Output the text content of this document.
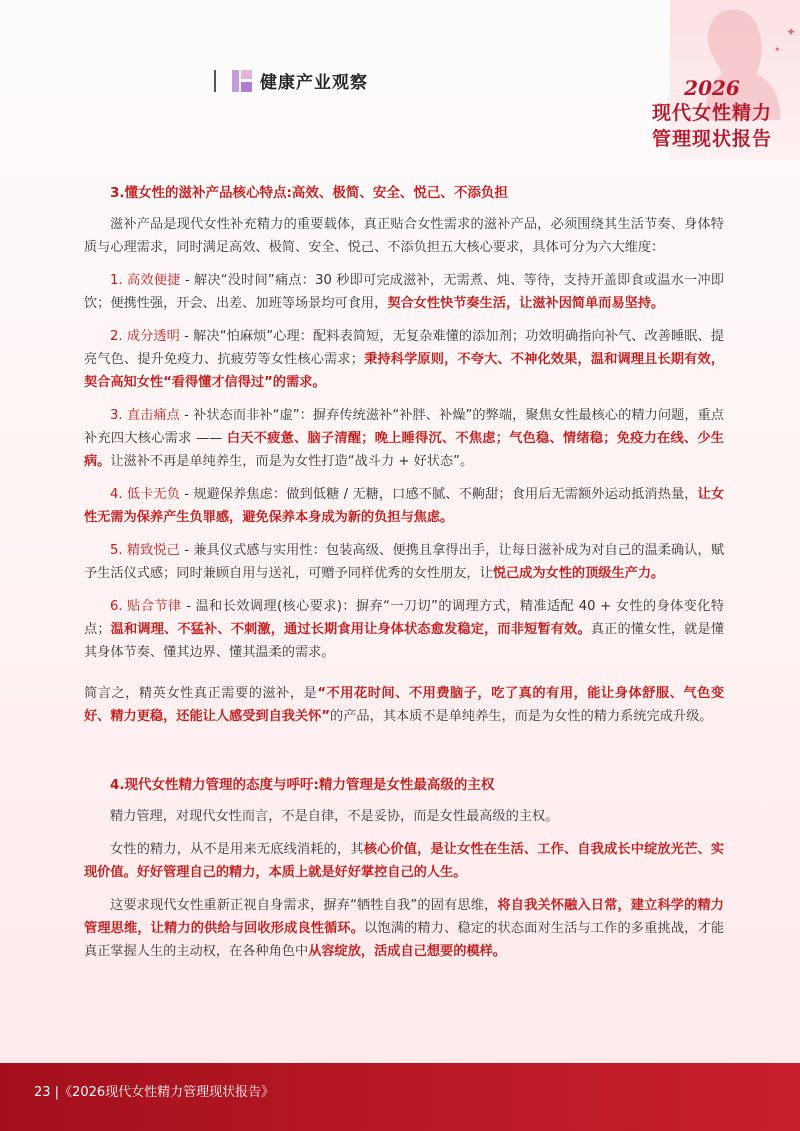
健康产业观察
✦
✦
2026
现代女性精力
管理现状报告
3.懂女性的滋补产品核心特点:高效、极简、安全、悦己、不添负担

滋补产品是现代女性补充精力的重要载体，真正贴合女性需求的滋补产品，必须围绕其生活节奏、身体特质与心理需求，同时满足高效、极简、安全、悦己、不添负担五大核心要求，具体可分为六大维度：

1. 高效便捷 - 解决“没时间”痛点：30 秒即可完成滋补，无需煮、炖、等待，支持开盖即食或温水一冲即饮；便携性强，开会、出差、加班等场景均可食用，契合女性快节奏生活，让滋补因简单而易坚持。

2. 成分透明 - 解决“怕麻烦”心理：配料表简短，无复杂难懂的添加剂；功效明确指向补气、改善睡眠、提亮气色、提升免疫力、抗疲劳等女性核心需求；秉持科学原则，不夸大、不神化效果，温和调理且长期有效，契合高知女性“看得懂才信得过”的需求。

3. 直击痛点 - 补状态而非补“虚”：摒弃传统滋补“补胖、补燥”的弊端，聚焦女性最核心的精力问题，重点补充四大核心需求 —— 白天不疲惫、脑子清醒；晚上睡得沉、不焦虑；气色稳、情绪稳；免疫力在线、少生病。让滋补不再是单纯养生，而是为女性打造“战斗力 + 好状态”。

4. 低卡无负 - 规避保养焦虑：做到低糖 / 无糖，口感不腻、不齁甜；食用后无需额外运动抵消热量，让女性无需为保养产生负罪感，避免保养本身成为新的负担与焦虑。

5. 精致悦己 - 兼具仪式感与实用性：包装高级、便携且拿得出手，让每日滋补成为对自己的温柔确认，赋予生活仪式感；同时兼顾自用与送礼，可赠予同样优秀的女性朋友，让悦己成为女性的顶级生产力。

6. 贴合节律 - 温和长效调理(核心要求)：摒弃“一刀切”的调理方式，精准适配 40 + 女性的身体变化特点；温和调理、不猛补、不刺激，通过长期食用让身体状态愈发稳定，而非短暂有效。真正的懂女性，就是懂其身体节奏、懂其边界、懂其温柔的需求。

简言之，精英女性真正需要的滋补，是“不用花时间、不用费脑子，吃了真的有用，能让身体舒服、气色变好、精力更稳，还能让人感受到自我关怀”的产品，其本质不是单纯养生，而是为女性的精力系统完成升级。

4.现代女性精力管理的态度与呼吁:精力管理是女性最高级的主权

精力管理，对现代女性而言，不是自律，不是妥协，而是女性最高级的主权。

女性的精力，从不是用来无底线消耗的，其核心价值，是让女性在生活、工作、自我成长中绽放光芒、实现价值。好好管理自己的精力，本质上就是好好掌控自己的人生。

这要求现代女性重新正视自身需求，摒弃“牺牲自我”的固有思维，将自我关怀融入日常，建立科学的精力管理思维，让精力的供给与回收形成良性循环。以饱满的精力、稳定的状态面对生活与工作的多重挑战，才能真正掌握人生的主动权，在各种角色中从容绽放，活成自己想要的模样。

23 |《2026现代女性精力管理现状报告》
